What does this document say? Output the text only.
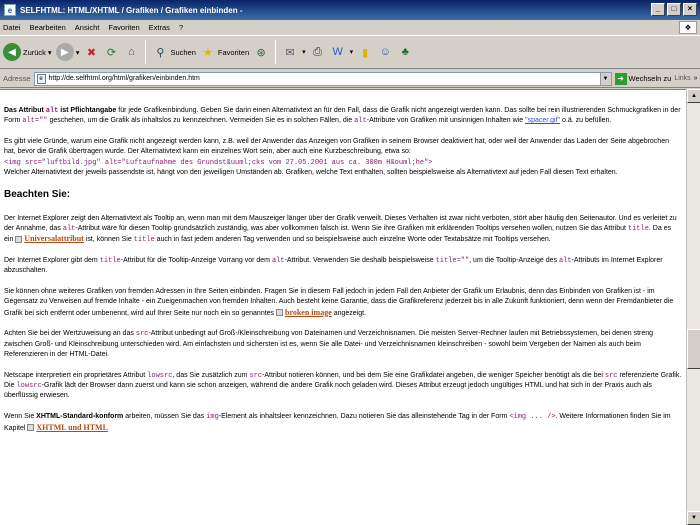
e SELFHTML: HTML/XHTML / Grafiken / Grafiken einbinden -	_	□	×
Datei Bearbeiten Ansicht Favoriten Extras ?	❖
◀ Zurück ▾ ▶ ▾ ✖ ⟳	⌂	⚲ Suchen ★ Favoriten ⊛	✉	▾ ⎙ W ▾ ▮	☺ ♣
Adresse	e http://de.selfhtml.org/html/grafiken/einbinden.htm	▼	➜ Wechseln zu Links »

Das Attribut alt ist Pflichtangabe für jede Grafikeinbindung. Geben Sie darin einen Alternativtext an für den Fall, dass die Grafik nicht angezeigt werden kann. Das sollte bei rein illustrierenden Schmuckgrafiken in der Form alt="" geschehen, um die Grafik als inhaltslos zu kennzeichnen. Vermeiden Sie es in solchen Fällen, die alt-Attribute von Grafiken mit unsinnigen Inhalten wie "spacer.gif" o.ä. zu befüllen.

Es gibt viele Gründe, warum eine Grafik nicht angezeigt werden kann, z.B. weil der Anwender das Anzeigen von Grafiken in seinem Browser deaktiviert hat, oder weil der Anwender das Laden der Seite abgebrochen hat, bevor die Grafik übertragen wurde. Der Alternativtext kann ein einzelnes Wort sein, aber auch eine Kurzbeschreibung, etwa so:
<img src="luftbild.jpg" alt="Luftaufnahme des Grundst&uuml;cks vom 27.05.2001 aus ca. 300m H&ouml;he">
Welcher Alternativtext der jeweils passendste ist, hängt von den jeweiligen Umständen ab. Grafiken, welche Text enthalten, sollten beispielsweise als Alternativtext auf jeden Fall diesen Text erhalten.

Beachten Sie:

Der Internet Explorer zeigt den Alternativtext als Tooltip an, wenn man mit dem Mauszeiger länger über der Grafik verweilt. Dieses Verhalten ist zwar nicht verboten, stört aber häufig den Seitenautor. Und es verleitet zu der Annahme, das alt-Attribut wäre für diesen Tooltip grundsätzlich zuständig, was aber vollkommen falsch ist. Wenn Sie ihre Grafiken mit erklärenden Tooltips versehen wollen, nutzen Sie das Attribut title. Da es ein Universalattribut ist, können Sie title auch in fast jedem anderen Tag verwenden und so beispielsweise auch einzelne Worte oder Textabsätze mit Tooltips versehen.

Der Internet Explorer gibt dem title-Attribut für die Tooltip-Anzeige Vorrang vor dem alt-Attribut. Verwenden Sie deshalb beispielsweise title="", um die Tooltip-Anzeige des alt-Attributs im Internet Explorer abzuschalten.

Sie können ohne weiteres Grafiken von fremden Adressen in Ihre Seiten einbinden. Fragen Sie in diesem Fall jedoch in jedem Fall den Anbieter der Grafik um Erlaubnis, denn das Einbinden von Grafiken ist - im Gegensatz zu Verweisen auf fremde Inhalte - ein Zueigenmachen von fremden Inhalten. Auch besteht keine Garantie, dass die Grafikreferenz jederzeit bis in alle Zukunft funktioniert, denn wenn der Fremdanbieter die Grafik bei sich entfernt oder umbenennt, wird auf Ihrer Seite nur noch ein so genanntes broken image angezeigt.

Achten Sie bei der Wertzuweisung an das src-Attribut unbedingt auf Groß-/Kleinschreibung von Dateinamen und Verzeichnisnamen. Die meisten Server-Rechner laufen mit Betriebssystemen, bei denen streng zwischen Groß- und Kleinschreibung unterschieden wird. Am einfachsten und sichersten ist es, wenn Sie alle Datei- und Verzeichnisnamen kleinschreiben - sowohl beim Vergeben der Namen als auch beim Referenzieren in der HTML-Datei.

Netscape interpretiert ein proprietäres Attribut lowsrc, das Sie zusätzlich zum src-Attribut notieren können, und bei dem Sie eine Grafikdatei angeben, die weniger Speicher benötigt als die bei src referenzierte Grafik. Die lowsrc-Grafik lädt der Browser dann zuerst und kann sie schon anzeigen, während die andere Grafik noch geladen wird. Dieses Attribut erzeugt jedoch ungültiges HTML und hat sich in der Praxis auch als überflüssig erwiesen.

Wenn Sie XHTML-Standard-konform arbeiten, müssen Sie das img-Element als inhaltsleer kennzeichnen. Dazu notieren Sie das alleinstehende Tag in der Form <img ... />. Weitere Informationen finden Sie im Kapitel XHTML und HTML

▲
▼
